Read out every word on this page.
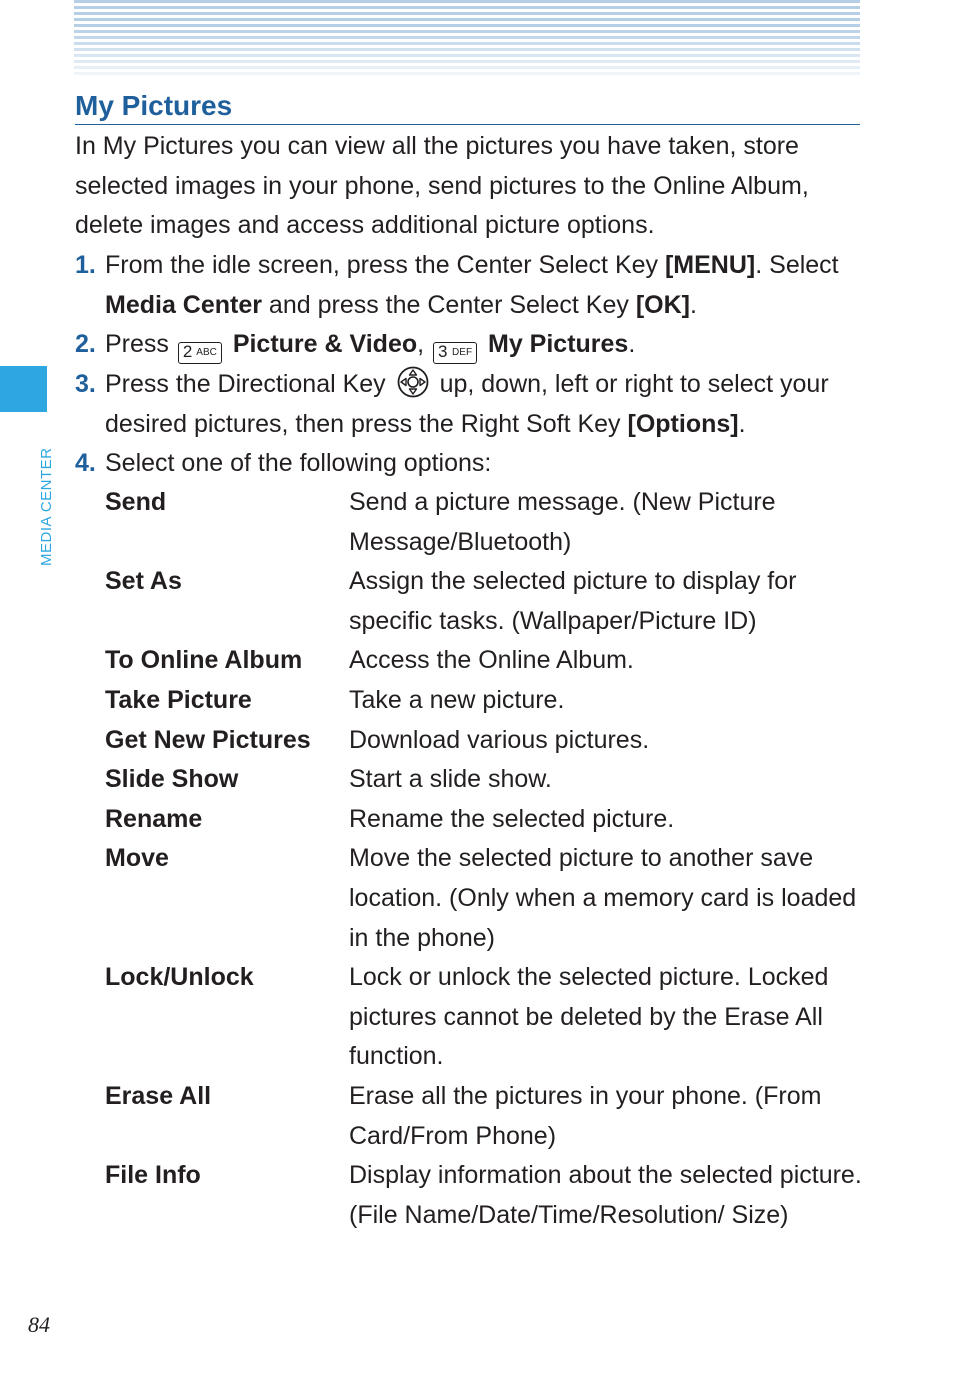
MEDIA CENTER
My Pictures
In My Pictures you can view all the pictures you have taken, store selected images in your phone, send pictures to the Online Album, delete images and access additional picture options.
1. From the idle screen, press the Center Select Key [MENU]. Select Media Center and press the Center Select Key [OK].
2. Press 2 ABC Picture & Video, 3 DEF My Pictures.
3. Press the Directional Key  up, down, left or right to select your desired pictures, then press the Right Soft Key [Options].
4. Select one of the following options:
Send	Send a picture message. (New Picture Message/Bluetooth)
Set As	Assign the selected picture to display for specific tasks. (Wallpaper/Picture ID)
To Online Album	Access the Online Album.
Take Picture	Take a new picture.
Get New Pictures	Download various pictures.
Slide Show	Start a slide show.
Rename	Rename the selected picture.
Move	Move the selected picture to another save location. (Only when a memory card is loaded in the phone)
Lock/Unlock	Lock or unlock the selected picture. Locked pictures cannot be deleted by the Erase All function.
Erase All	Erase all the pictures in your phone. (From Card/From Phone)
File Info	Display information about the selected picture. (File Name/Date/Time/Resolution/ Size)
84
